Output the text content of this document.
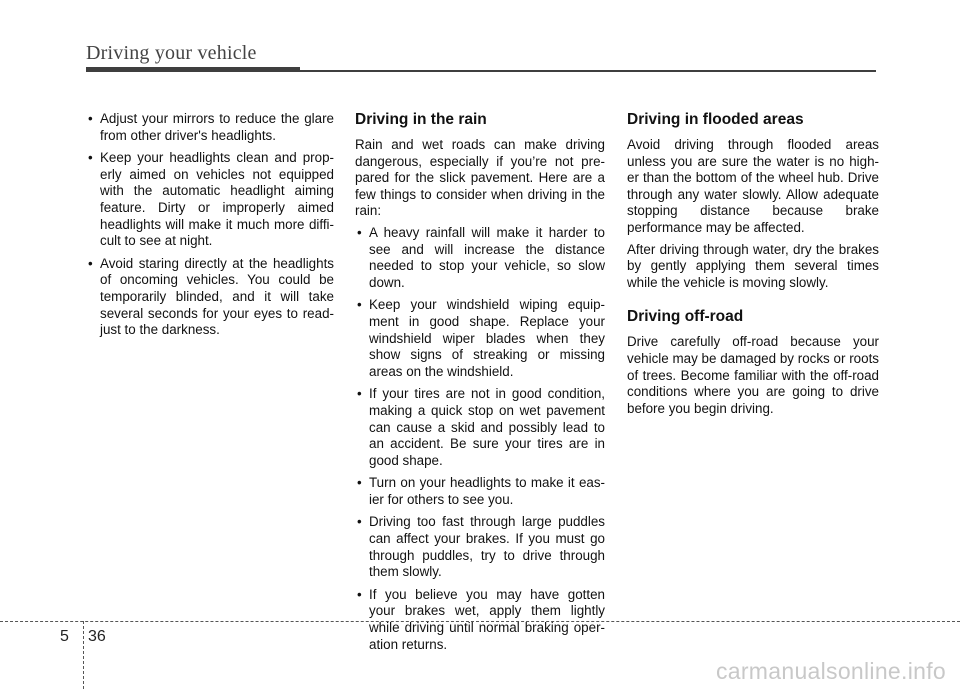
Driving your vehicle
• Adjust your mirrors to reduce the glare from other driver's headlights.
• Keep your headlights clean and prop-erly aimed on vehicles not equipped with the automatic headlight aiming feature. Dirty or improperly aimed headlights will make it much more diffi-cult to see at night.
• Avoid staring directly at the headlights of oncoming vehicles. You could be temporarily blinded, and it will take several seconds for your eyes to read-just to the darkness.
Driving in the rain

Rain and wet roads can make driving dangerous, especially if you’re not pre-pared for the slick pavement. Here are a few things to consider when driving in the rain:

• A heavy rainfall will make it harder to see and will increase the distance needed to stop your vehicle, so slow down.
• Keep your windshield wiping equip-ment in good shape. Replace your windshield wiper blades when they show signs of streaking or missing areas on the windshield.
• If your tires are not in good condition, making a quick stop on wet pavement can cause a skid and possibly lead to an accident. Be sure your tires are in good shape.
• Turn on your headlights to make it eas-ier for others to see you.
• Driving too fast through large puddles can affect your brakes. If you must go through puddles, try to drive through them slowly.
• If you believe you may have gotten your brakes wet, apply them lightly while driving until normal braking oper-ation returns.
Driving in flooded areas

Avoid driving through flooded areas unless you are sure the water is no high-er than the bottom of the wheel hub. Drive through any water slowly. Allow adequate stopping distance because brake performance may be affected.

After driving through water, dry the brakes by gently applying them several times while the vehicle is moving slowly.

Driving off-road

Drive carefully off-road because your vehicle may be damaged by rocks or roots of trees. Become familiar with the off-road conditions where you are going to drive before you begin driving.

5 36
carmanualsonline.info
